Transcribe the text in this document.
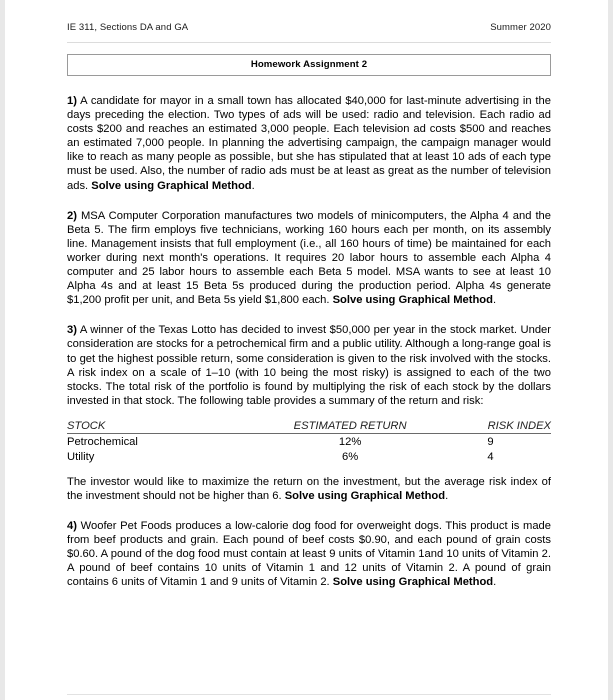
IE 311, Sections DA and GA	Summer 2020
Homework Assignment 2

1) A candidate for mayor in a small town has allocated $40,000 for last-minute advertising in the days preceding the election. Two types of ads will be used: radio and television. Each radio ad costs $200 and reaches an estimated 3,000 people. Each television ad costs $500 and reaches an estimated 7,000 people. In planning the advertising campaign, the campaign manager would like to reach as many people as possible, but she has stipulated that at least 10 ads of each type must be used. Also, the number of radio ads must be at least as great as the number of television ads. Solve using Graphical Method.

2) MSA Computer Corporation manufactures two models of minicomputers, the Alpha 4 and the Beta 5. The firm employs five technicians, working 160 hours each per month, on its assembly line. Management insists that full employment (i.e., all 160 hours of time) be maintained for each worker during next month's operations. It requires 20 labor hours to assemble each Alpha 4 computer and 25 labor hours to assemble each Beta 5 model. MSA wants to see at least 10 Alpha 4s and at least 15 Beta 5s produced during the production period. Alpha 4s generate $1,200 profit per unit, and Beta 5s yield $1,800 each. Solve using Graphical Method.

3) A winner of the Texas Lotto has decided to invest $50,000 per year in the stock market. Under consideration are stocks for a petrochemical firm and a public utility. Although a long-range goal is to get the highest possible return, some consideration is given to the risk involved with the stocks. A risk index on a scale of 1–10 (with 10 being the most risky) is assigned to each of the two stocks. The total risk of the portfolio is found by multiplying the risk of each stock by the dollars invested in that stock. The following table provides a summary of the return and risk:

STOCK	ESTIMATED RETURN	RISK INDEX
Petrochemical	12%	9
Utility	6%	4

The investor would like to maximize the return on the investment, but the average risk index of the investment should not be higher than 6. Solve using Graphical Method.

4) Woofer Pet Foods produces a low-calorie dog food for overweight dogs. This product is made from beef products and grain. Each pound of beef costs $0.90, and each pound of grain costs $0.60. A pound of the dog food must contain at least 9 units of Vitamin 1and 10 units of Vitamin 2. A pound of beef contains 10 units of Vitamin 1 and 12 units of Vitamin 2. A pound of grain contains 6 units of Vitamin 1 and 9 units of Vitamin 2. Solve using Graphical Method.
